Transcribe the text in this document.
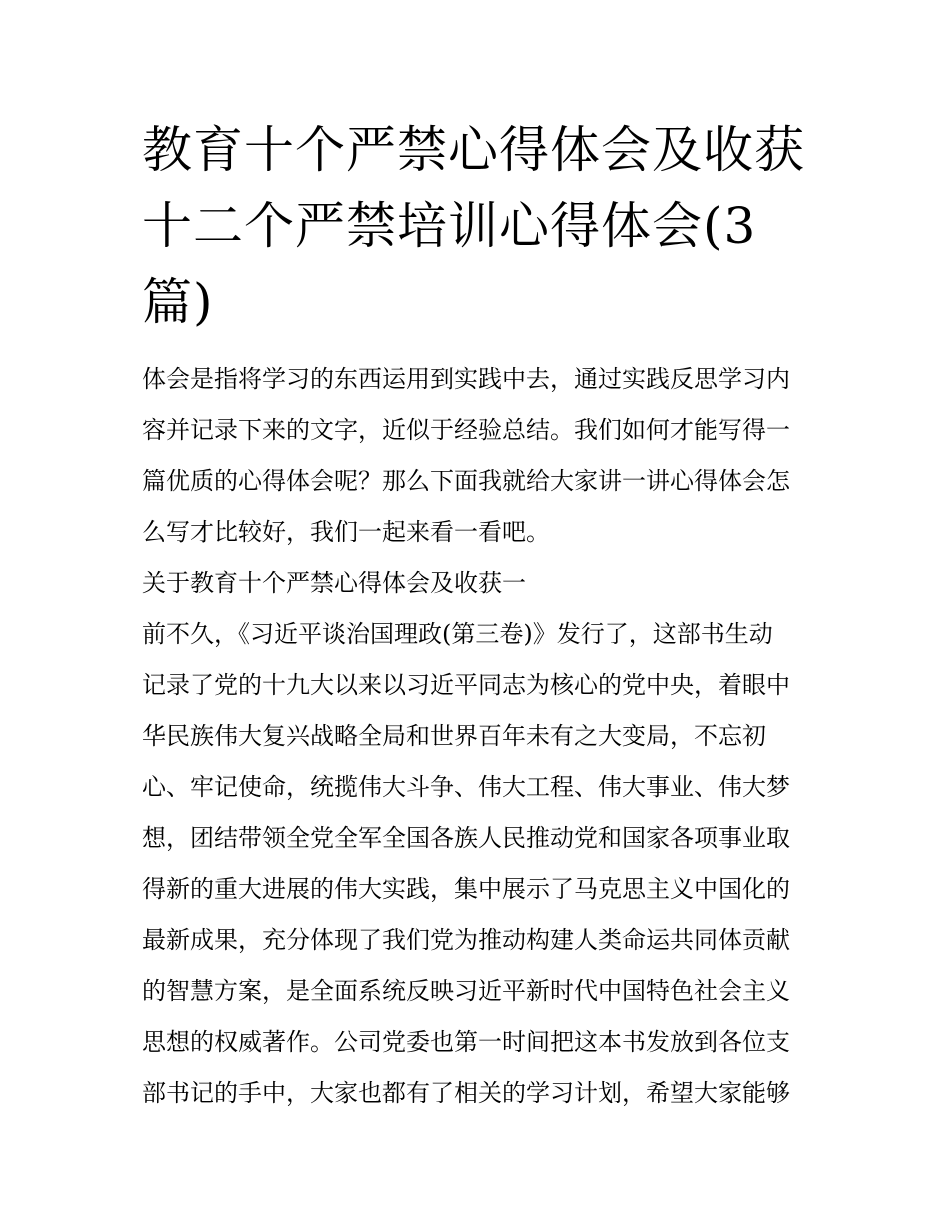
教育十个严禁心得体会及收获
十二个严禁培训心得体会(3
篇)
体会是指将学习的东西运用到实践中去，通过实践反思学习内
容并记录下来的文字，近似于经验总结。我们如何才能写得一
篇优质的心得体会呢？那么下面我就给大家讲一讲心得体会怎
么写才比较好，我们一起来看一看吧。
关于教育十个严禁心得体会及收获一
前不久，《习近平谈治国理政(第三卷)》发行了，这部书生动
记录了党的十九大以来以习近平同志为核心的党中央，着眼中
华民族伟大复兴战略全局和世界百年未有之大变局，不忘初
心、牢记使命，统揽伟大斗争、伟大工程、伟大事业、伟大梦
想，团结带领全党全军全国各族人民推动党和国家各项事业取
得新的重大进展的伟大实践，集中展示了马克思主义中国化的
最新成果，充分体现了我们党为推动构建人类命运共同体贡献
的智慧方案，是全面系统反映习近平新时代中国特色社会主义
思想的权威著作。公司党委也第一时间把这本书发放到各位支
部书记的手中，大家也都有了相关的学习计划，希望大家能够
